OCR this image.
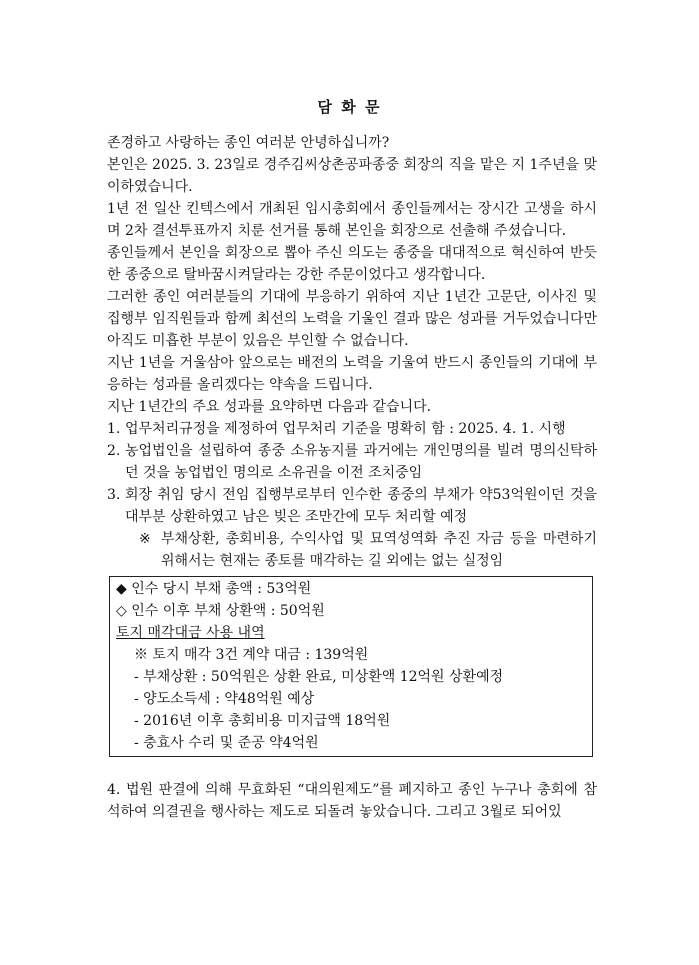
담 화 문

존경하고 사랑하는 종인 여러분 안녕하십니까?

본인은 2025. 3. 23일로 경주김씨상촌공파종중 회장의 직을 맡은 지 1주년을 맞이하였습니다.

1년 전 일산 킨텍스에서 개최된 임시총회에서 종인들께서는 장시간 고생을 하시며 2차 결선투표까지 치룬 선거를 통해 본인을 회장으로 선출해 주셨습니다.

종인들께서 본인을 회장으로 뽑아 주신 의도는 종중을 대대적으로 혁신하여 반듯한 종중으로 탈바꿈시켜달라는 강한 주문이었다고 생각합니다.

그러한 종인 여러분들의 기대에 부응하기 위하여 지난 1년간 고문단, 이사진 및 집행부 임직원들과 함께 최선의 노력을 기울인 결과 많은 성과를 거두었습니다만 아직도 미흡한 부분이 있음은 부인할 수 없습니다.

지난 1년을 거울삼아 앞으로는 배전의 노력을 기울여 반드시 종인들의 기대에 부응하는 성과를 올리겠다는 약속을 드립니다.

지난 1년간의 주요 성과를 요약하면 다음과 같습니다.

1. 업무처리규정을 제정하여 업무처리 기준을 명확히 함 : 2025. 4. 1. 시행
2. 농업법인을 설립하여 종중 소유농지를 과거에는 개인명의를 빌려 명의신탁하던 것을 농업법인 명의로 소유권을 이전 조치중임
3. 회장 취임 당시 전임 집행부로부터 인수한 종중의 부채가 약53억원이던 것을 대부분 상환하였고 남은 빚은 조만간에 모두 처리할 예정
※ 부채상환, 총회비용, 수익사업 및 묘역성역화 추진 자금 등을 마련하기 위해서는 현재는 종토를 매각하는 길 외에는 없는 실정임

◆ 인수 당시 부채 총액 : 53억원

◇ 인수 이후 부채 상환액 : 50억원

토지 매각대금 사용 내역

※ 토지 매각 3건 계약 대금 : 139억원

- 부채상환 : 50억원은 상환 완료, 미상환액 12억원 상환예정

- 양도소득세 : 약48억원 예상

- 2016년 이후 총회비용 미지급액 18억원

- 충효사 수리 및 준공 약4억원

4. 법원 판결에 의해 무효화된 “대의원제도”를 폐지하고 종인 누구나 총회에 참석하여 의결권을 행사하는 제도로 되돌려 놓았습니다. 그리고 3월로 되어있
